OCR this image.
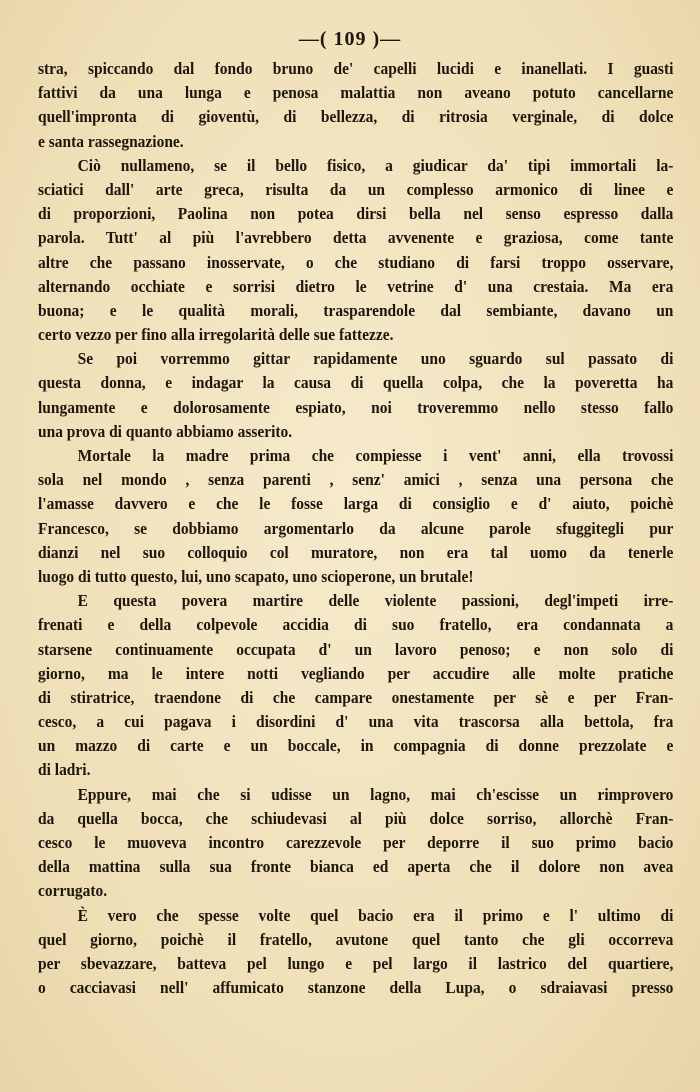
—( 109 )—
stra, spiccando dal fondo bruno de' capelli lucidi e inanellati. I guasti
fattivi da una lunga e penosa malattia non aveano potuto cancellarne
quell'impronta di gioventù, di bellezza, di ritrosia verginale, di dolce
e santa rassegnazione.
Ciò nullameno, se il bello fisico, a giudicar da' tipi immortali la-
sciatici dall' arte greca, risulta da un complesso armonico di linee e
di proporzioni, Paolina non potea dirsi bella nel senso espresso dalla
parola. Tutt' al più l'avrebbero detta avvenente e graziosa, come tante
altre che passano inosservate, o che studiano di farsi troppo osservare,
alternando occhiate e sorrisi dietro le vetrine d' una crestaia. Ma era
buona; e le qualità morali, trasparendole dal sembiante, davano un
certo vezzo per fino alla irregolarità delle sue fattezze.
Se poi vorremmo gittar rapidamente uno sguardo sul passato di
questa donna, e indagar la causa di quella colpa, che la poveretta ha
lungamente e dolorosamente espiato, noi troveremmo nello stesso fallo
una prova di quanto abbiamo asserito.
Mortale la madre prima che compiesse i vent' anni, ella trovossi
sola nel mondo , senza parenti , senz' amici , senza una persona che
l'amasse davvero e che le fosse larga di consiglio e d' aiuto, poichè
Francesco, se dobbiamo argomentarlo da alcune parole sfuggitegli pur
dianzi nel suo colloquio col muratore, non era tal uomo da tenerle
luogo di tutto questo, lui, uno scapato, uno scioperone, un brutale!
E questa povera martire delle violente passioni, degl'impeti irre-
frenati e della colpevole accidia di suo fratello, era condannata a
starsene continuamente occupata d' un lavoro penoso; e non solo di
giorno, ma le intere notti vegliando per accudire alle molte pratiche
di stiratrice, traendone di che campare onestamente per sè e per Fran-
cesco, a cui pagava i disordini d' una vita trascorsa alla bettola, fra
un mazzo di carte e un boccale, in compagnia di donne prezzolate e
di ladri.
Eppure, mai che si udisse un lagno, mai ch'escisse un rimprovero
da quella bocca, che schiudevasi al più dolce sorriso, allorchè Fran-
cesco le muoveva incontro carezzevole per deporre il suo primo bacio
della mattina sulla sua fronte bianca ed aperta che il dolore non avea
corrugato.
È vero che spesse volte quel bacio era il primo e l' ultimo di
quel giorno, poichè il fratello, avutone quel tanto che gli occorreva
per sbevazzare, batteva pel lungo e pel largo il lastrico del quartiere,
o cacciavasi nell' affumicato stanzone della Lupa, o sdraiavasi presso
